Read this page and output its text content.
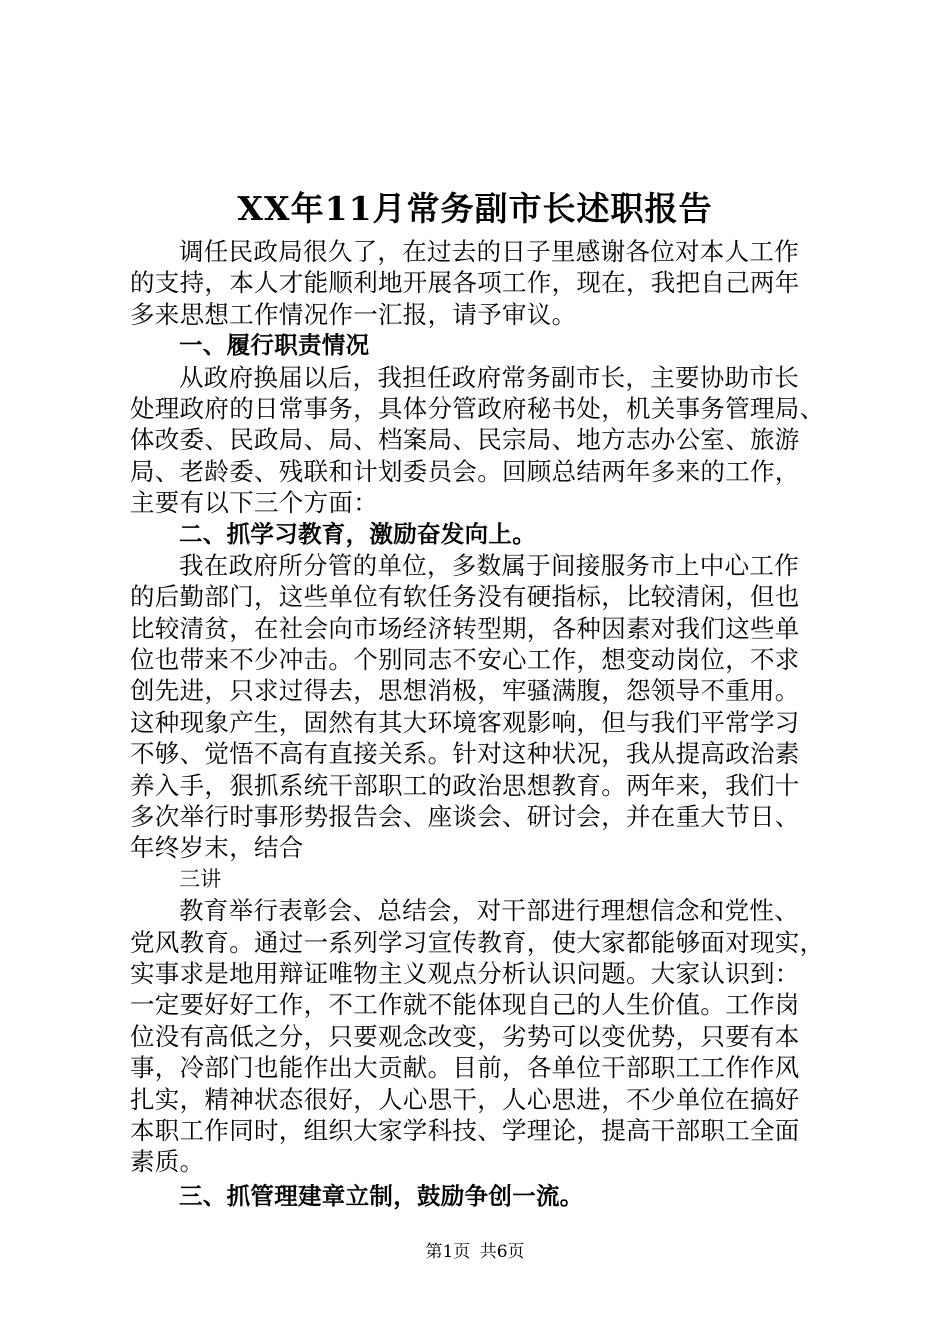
XX年11月常务副市长述职报告
调任民政局很久了，在过去的日子里感谢各位对本人工作
的支持，本人才能顺利地开展各项工作，现在，我把自己两年
多来思想工作情况作一汇报，请予审议。
一、履行职责情况
从政府换届以后，我担任政府常务副市长，主要协助市长
处理政府的日常事务，具体分管政府秘书处，机关事务管理局、
体改委、民政局、局、档案局、民宗局、地方志办公室、旅游
局、老龄委、残联和计划委员会。回顾总结两年多来的工作，
主要有以下三个方面：
二、抓学习教育，激励奋发向上。
我在政府所分管的单位，多数属于间接服务市上中心工作
的后勤部门，这些单位有软任务没有硬指标，比较清闲，但也
比较清贫，在社会向市场经济转型期，各种因素对我们这些单
位也带来不少冲击。个别同志不安心工作，想变动岗位，不求
创先进，只求过得去，思想消极，牢骚满腹，怨领导不重用。
这种现象产生，固然有其大环境客观影响，但与我们平常学习
不够、觉悟不高有直接关系。针对这种状况，我从提高政治素
养入手，狠抓系统干部职工的政治思想教育。两年来，我们十
多次举行时事形势报告会、座谈会、研讨会，并在重大节日、
年终岁末，结合
三讲
教育举行表彰会、总结会，对干部进行理想信念和党性、
党风教育。通过一系列学习宣传教育，使大家都能够面对现实，
实事求是地用辩证唯物主义观点分析认识问题。大家认识到：
一定要好好工作，不工作就不能体现自己的人生价值。工作岗
位没有高低之分，只要观念改变，劣势可以变优势，只要有本
事，冷部门也能作出大贡献。目前，各单位干部职工工作作风
扎实，精神状态很好，人心思干，人心思进，不少单位在搞好
本职工作同时，组织大家学科技、学理论，提高干部职工全面
素质。
三、抓管理建章立制，鼓励争创一流。
第1页 共6页
